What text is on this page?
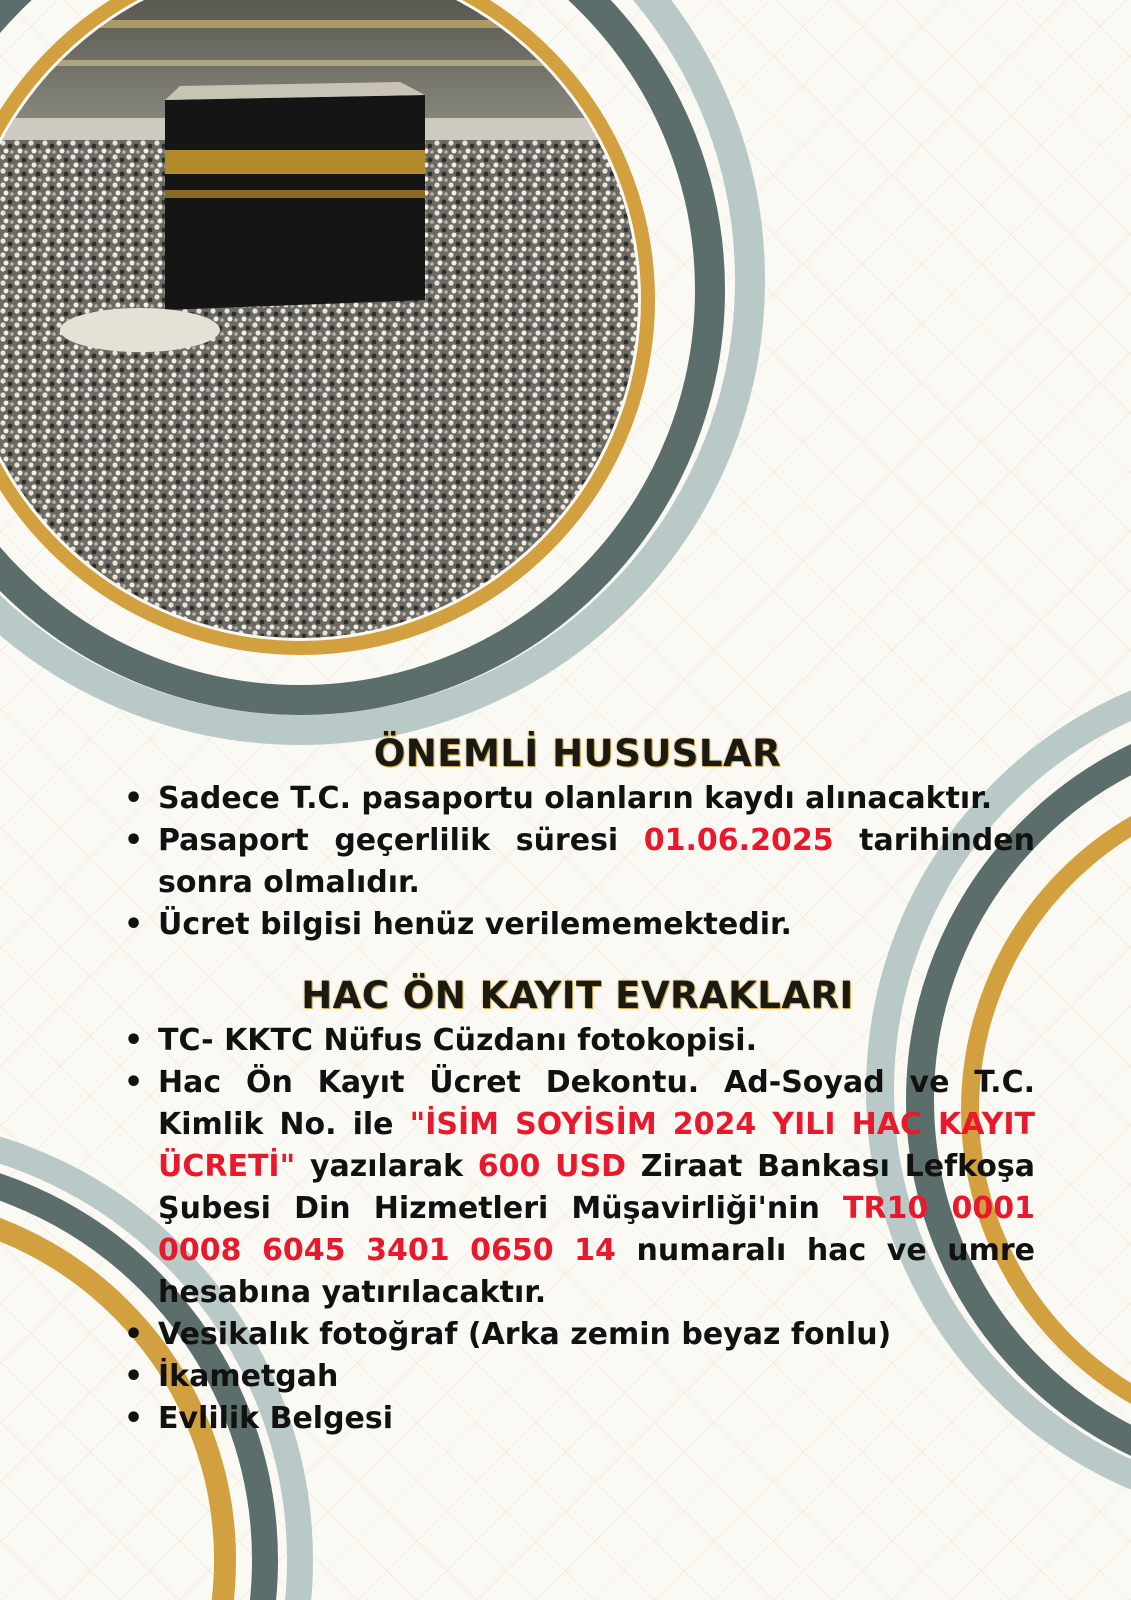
ÖNEMLİ HUSUSLAR
• Sadece T.C. pasaportu olanların kaydı alınacaktır.
• Pasaport geçerlilik süresi 01.06.2025 tarihinden sonra olmalıdır.
• Ücret bilgisi henüz verilememektedir.
HAC ÖN KAYIT EVRAKLARI
• TC- KKTC Nüfus Cüzdanı fotokopisi.
• Hac Ön Kayıt Ücret Dekontu. Ad-Soyad ve T.C. Kimlik No. ile "İSİM SOYİSİM 2024 YILI HAC KAYIT ÜCRETİ" yazılarak 600 USD Ziraat Bankası Lefkoşa Şubesi Din Hizmetleri Müşavirliği'nin TR10 0001 0008 6045 3401 0650 14 numaralı hac ve umre hesabına yatırılacaktır.
• Vesikalık fotoğraf (Arka zemin beyaz fonlu)
• İkametgah
• Evlilik Belgesi
